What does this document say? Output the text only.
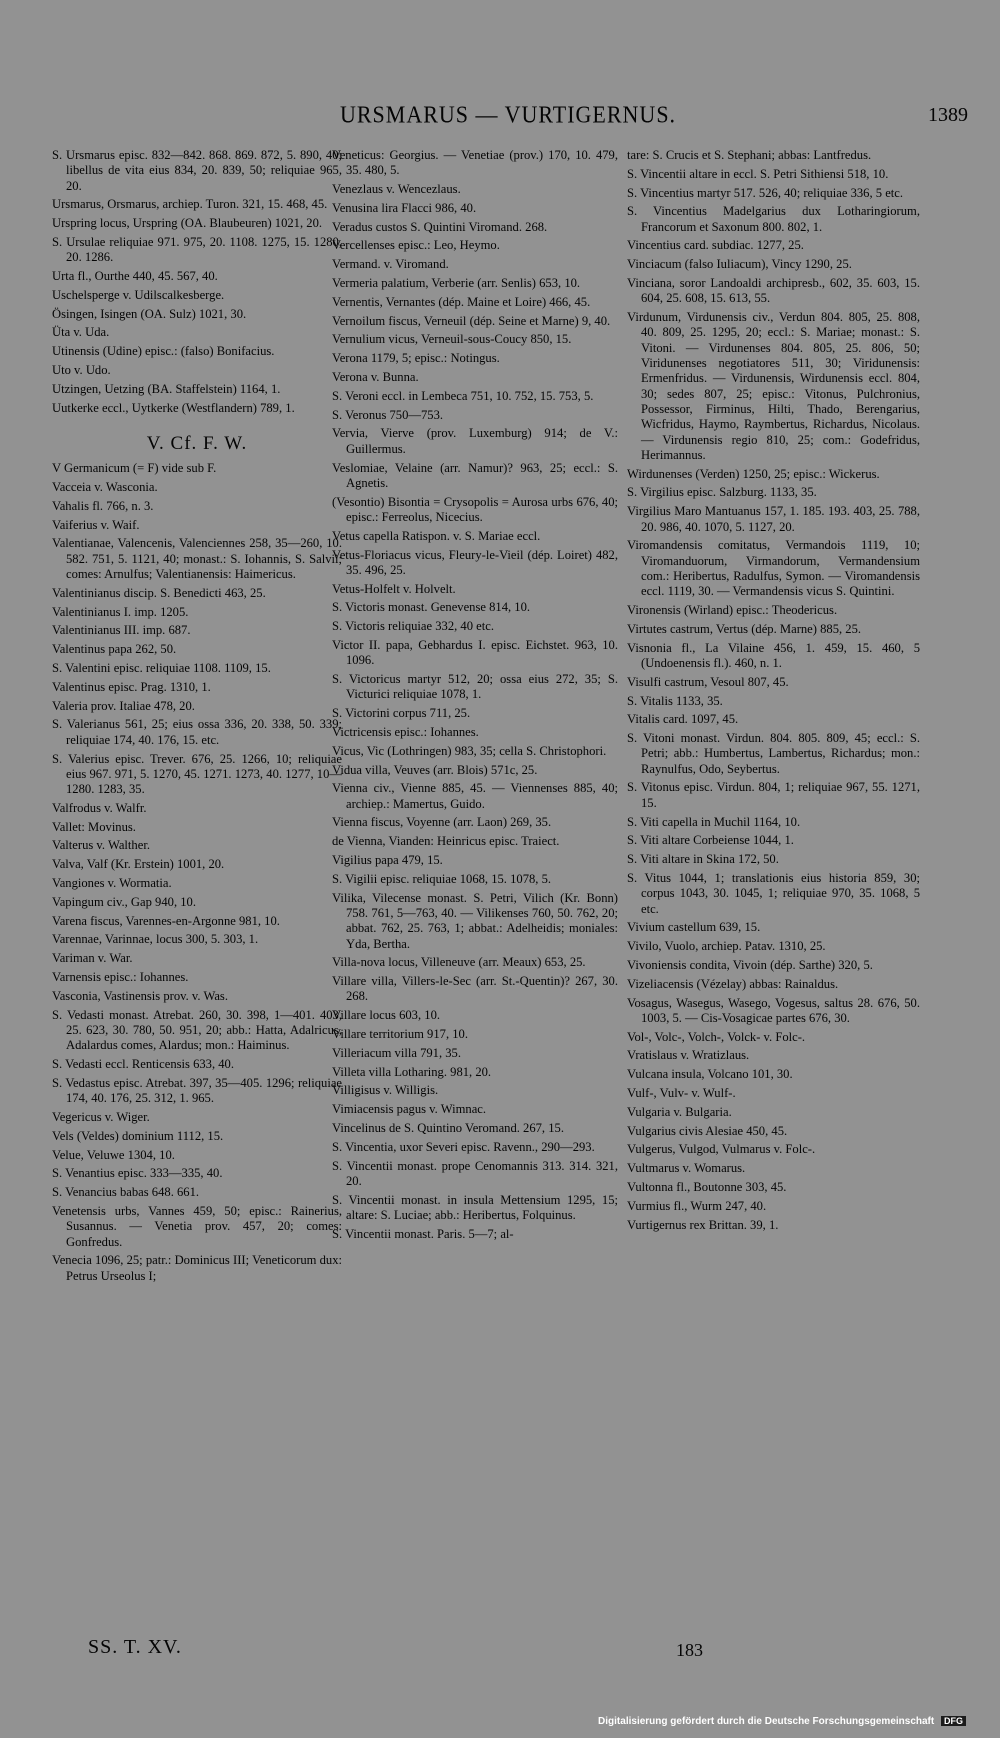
URSMARUS — VURTIGERNUS.	1389

S. Ursmarus episc. 832—842. 868. 869. 872, 5. 890, 40; libellus de vita eius 834, 20. 839, 50; reliquiae 965, 20.

Ursmarus, Orsmarus, archiep. Turon. 321, 15. 468, 45.

Urspring locus, Urspring (OA. Blaubeuren) 1021, 20.

S. Ursulae reliquiae 971. 975, 20. 1108. 1275, 15. 1280, 20. 1286.

Urta fl., Ourthe 440, 45. 567, 40.

Uschelsperge v. Udilscalkesberge.

Ösingen, Isingen (OA. Sulz) 1021, 30.

Üta v. Uda.

Utinensis (Udine) episc.: (falso) Bonifacius.

Uto v. Udo.

Utzingen, Uetzing (BA. Staffelstein) 1164, 1.

Uutkerke eccl., Uytkerke (Westflandern) 789, 1.

V. Cf. F. W.

V Germanicum (= F) vide sub F.

Vacceia v. Wasconia.

Vahalis fl. 766, n. 3.

Vaiferius v. Waif.

Valentianae, Valencenis, Valenciennes 258, 35—260, 10. 582. 751, 5. 1121, 40; monast.: S. Iohannis, S. Salvii; comes: Arnulfus; Valentianensis: Haimericus.

Valentinianus discip. S. Benedicti 463, 25.

Valentinianus I. imp. 1205.

Valentinianus III. imp. 687.

Valentinus papa 262, 50.

S. Valentini episc. reliquiae 1108. 1109, 15.

Valentinus episc. Prag. 1310, 1.

Valeria prov. Italiae 478, 20.

S. Valerianus 561, 25; eius ossa 336, 20. 338, 50. 339; reliquiae 174, 40. 176, 15. etc.

S. Valerius episc. Trever. 676, 25. 1266, 10; reliquiae eius 967. 971, 5. 1270, 45. 1271. 1273, 40. 1277, 10—1280. 1283, 35.

Valfrodus v. Walfr.

Vallet: Movinus.

Valterus v. Walther.

Valva, Valf (Kr. Erstein) 1001, 20.

Vangiones v. Wormatia.

Vapingum civ., Gap 940, 10.

Varena fiscus, Varennes-en-Argonne 981, 10.

Varennae, Varinnae, locus 300, 5. 303, 1.

Variman v. War.

Varnensis episc.: Iohannes.

Vasconia, Vastinensis prov. v. Was.

S. Vedasti monast. Atrebat. 260, 30. 398, 1—401. 403, 25. 623, 30. 780, 50. 951, 20; abb.: Hatta, Adalricus, Adalardus comes, Alardus; mon.: Haiminus.

S. Vedasti eccl. Renticensis 633, 40.

S. Vedastus episc. Atrebat. 397, 35—405. 1296; reliquiae 174, 40. 176, 25. 312, 1. 965.

Vegericus v. Wiger.

Vels (Veldes) dominium 1112, 15.

Velue, Veluwe 1304, 10.

S. Venantius episc. 333—335, 40.

S. Venancius babas 648. 661.

Venetensis urbs, Vannes 459, 50; episc.: Rainerius, Susannus. — Venetia prov. 457, 20; comes: Gonfredus.

Venecia 1096, 25; patr.: Dominicus III; Veneticorum dux: Petrus Urseolus I;

Veneticus: Georgius. — Venetiae (prov.) 170, 10. 479, 35. 480, 5.

Venezlaus v. Wencezlaus.

Venusina lira Flacci 986, 40.

Veradus custos S. Quintini Viromand. 268.

Vercellenses episc.: Leo, Heymo.

Vermand. v. Viromand.

Vermeria palatium, Verberie (arr. Senlis) 653, 10.

Vernentis, Vernantes (dép. Maine et Loire) 466, 45.

Vernoilum fiscus, Verneuil (dép. Seine et Marne) 9, 40.

Vernulium vicus, Verneuil-sous-Coucy 850, 15.

Verona 1179, 5; episc.: Notingus.

Verona v. Bunna.

S. Veroni eccl. in Lembeca 751, 10. 752, 15. 753, 5.

S. Veronus 750—753.

Vervia, Vierve (prov. Luxemburg) 914; de V.: Guillermus.

Veslomiae, Velaine (arr. Namur)? 963, 25; eccl.: S. Agnetis.

(Vesontio) Bisontia = Crysopolis = Aurosa urbs 676, 40; episc.: Ferreolus, Nicecius.

Vetus capella Ratispon. v. S. Mariae eccl.

Vetus-Floriacus vicus, Fleury-le-Vieil (dép. Loiret) 482, 35. 496, 25.

Vetus-Holfelt v. Holvelt.

S. Victoris monast. Genevense 814, 10.

S. Victoris reliquiae 332, 40 etc.

Victor II. papa, Gebhardus I. episc. Eichstet. 963, 10. 1096.

S. Victoricus martyr 512, 20; ossa eius 272, 35; S. Victurici reliquiae 1078, 1.

S. Victorini corpus 711, 25.

Victricensis episc.: Iohannes.

Vicus, Vic (Lothringen) 983, 35; cella S. Christophori.

Vidua villa, Veuves (arr. Blois) 571c, 25.

Vienna civ., Vienne 885, 45. — Viennenses 885, 40; archiep.: Mamertus, Guido.

Vienna fiscus, Voyenne (arr. Laon) 269, 35.

de Vienna, Vianden: Heinricus episc. Traiect.

Vigilius papa 479, 15.

S. Vigilii episc. reliquiae 1068, 15. 1078, 5.

Vilika, Vilecense monast. S. Petri, Vilich (Kr. Bonn) 758. 761, 5—763, 40. — Vilikenses 760, 50. 762, 20; abbat. 762, 25. 763, 1; abbat.: Adelheidis; moniales: Yda, Bertha.

Villa-nova locus, Villeneuve (arr. Meaux) 653, 25.

Villare villa, Villers-le-Sec (arr. St.-Quentin)? 267, 30. 268.

Villare locus 603, 10.

Villare territorium 917, 10.

Villeriacum villa 791, 35.

Villeta villa Lotharing. 981, 20.

Villigisus v. Willigis.

Vimiacensis pagus v. Wimnac.

Vincelinus de S. Quintino Veromand. 267, 15.

S. Vincentia, uxor Severi episc. Ravenn., 290—293.

S. Vincentii monast. prope Cenomannis 313. 314. 321, 20.

S. Vincentii monast. in insula Mettensium 1295, 15; altare: S. Luciae; abb.: Heribertus, Folquinus.

S. Vincentii monast. Paris. 5—7; al-

tare: S. Crucis et S. Stephani; abbas: Lantfredus.

S. Vincentii altare in eccl. S. Petri Sithiensi 518, 10.

S. Vincentius martyr 517. 526, 40; reliquiae 336, 5 etc.

S. Vincentius Madelgarius dux Lotharingiorum, Francorum et Saxonum 800. 802, 1.

Vincentius card. subdiac. 1277, 25.

Vinciacum (falso Iuliacum), Vincy 1290, 25.

Vinciana, soror Landoaldi archipresb., 602, 35. 603, 15. 604, 25. 608, 15. 613, 55.

Virdunum, Virdunensis civ., Verdun 804. 805, 25. 808, 40. 809, 25. 1295, 20; eccl.: S. Mariae; monast.: S. Vitoni. — Virdunenses 804. 805, 25. 806, 50; Viridunenses negotiatores 511, 30; Viridunensis: Ermenfridus. — Virdunensis, Wirdunensis eccl. 804, 30; sedes 807, 25; episc.: Vitonus, Pulchronius, Possessor, Firminus, Hilti, Thado, Berengarius, Wicfridus, Haymo, Raymbertus, Richardus, Nicolaus. — Virdunensis regio 810, 25; com.: Godefridus, Herimannus.

Wirdunenses (Verden) 1250, 25; episc.: Wickerus.

S. Virgilius episc. Salzburg. 1133, 35.

Virgilius Maro Mantuanus 157, 1. 185. 193. 403, 25. 788, 20. 986, 40. 1070, 5. 1127, 20.

Viromandensis comitatus, Vermandois 1119, 10; Viromanduorum, Virmandorum, Vermandensium com.: Heribertus, Radulfus, Symon. — Viromandensis eccl. 1119, 30. — Vermandensis vicus S. Quintini.

Vironensis (Wirland) episc.: Theodericus.

Virtutes castrum, Vertus (dép. Marne) 885, 25.

Visnonia fl., La Vilaine 456, 1. 459, 15. 460, 5 (Undoenensis fl.). 460, n. 1.

Visulfi castrum, Vesoul 807, 45.

S. Vitalis 1133, 35.

Vitalis card. 1097, 45.

S. Vitoni monast. Virdun. 804. 805. 809, 45; eccl.: S. Petri; abb.: Humbertus, Lambertus, Richardus; mon.: Raynulfus, Odo, Seybertus.

S. Vitonus episc. Virdun. 804, 1; reliquiae 967, 55. 1271, 15.

S. Viti capella in Muchil 1164, 10.

S. Viti altare Corbeiense 1044, 1.

S. Viti altare in Skina 172, 50.

S. Vitus 1044, 1; translationis eius historia 859, 30; corpus 1043, 30. 1045, 1; reliquiae 970, 35. 1068, 5 etc.

Vivium castellum 639, 15.

Vivilo, Vuolo, archiep. Patav. 1310, 25.

Vivoniensis condita, Vivoin (dép. Sarthe) 320, 5.

Vizeliacensis (Vézelay) abbas: Rainaldus.

Vosagus, Wasegus, Wasego, Vogesus, saltus 28. 676, 50. 1003, 5. — Cis-Vosagicae partes 676, 30.

Vol-, Volc-, Volch-, Volck- v. Folc-.

Vratislaus v. Wratizlaus.

Vulcana insula, Volcano 101, 30.

Vulf-, Vulv- v. Wulf-.

Vulgaria v. Bulgaria.

Vulgarius civis Alesiae 450, 45.

Vulgerus, Vulgod, Vulmarus v. Folc-.

Vultmarus v. Womarus.

Vultonna fl., Boutonne 303, 45.

Vurmius fl., Wurm 247, 40.

Vurtigernus rex Brittan. 39, 1.

SS. T. XV.	183
Digitalisierung gefördert durch die Deutsche Forschungsgemeinschaft DFG
